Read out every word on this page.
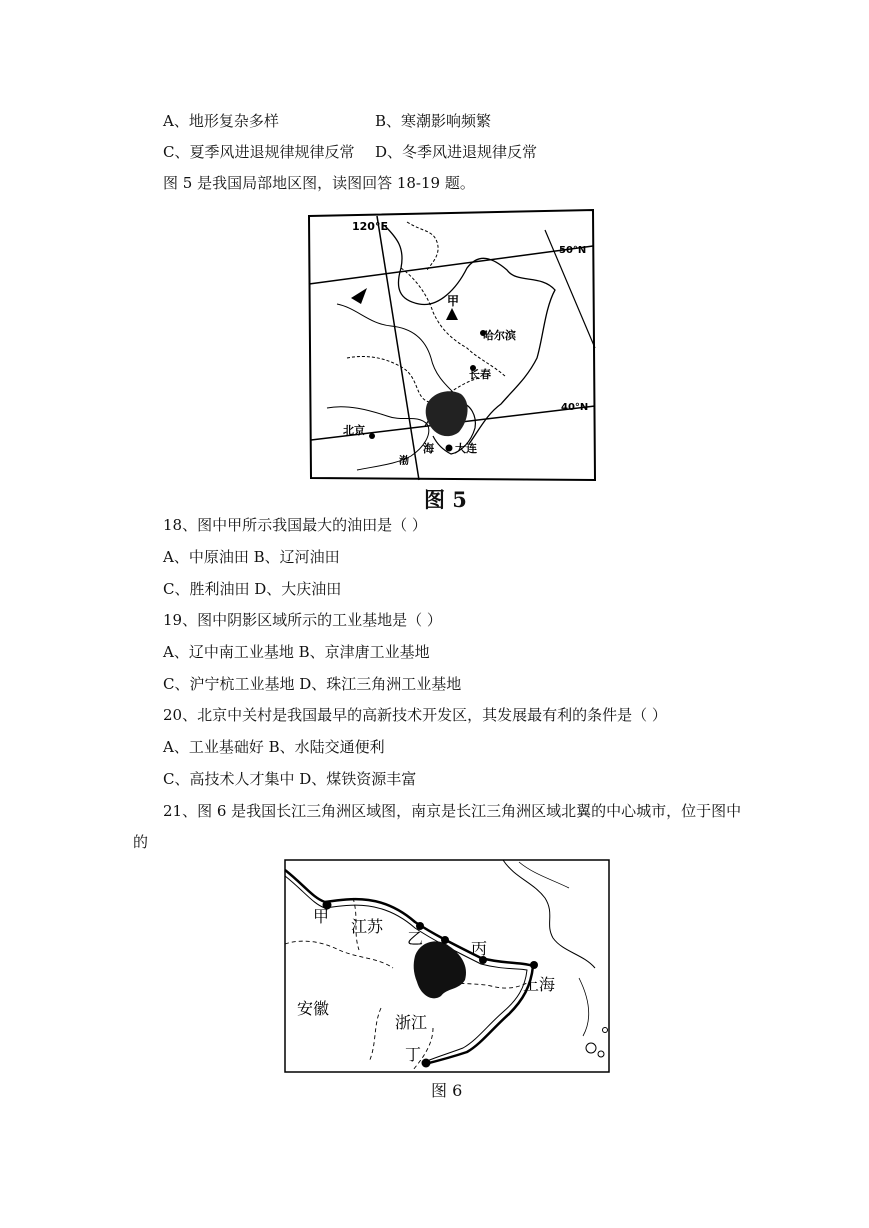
A、地形复杂多样	B、寒潮影响频繁
C、夏季风进退规律规律反常 D、冬季风进退规律反常
图 5 是我国局部地区图，读图回答 18-19 题。
120°E
50°N
40°N
甲
哈尔滨
长春
北京
海 大连
渤
图 5
18、图中甲所示我国最大的油田是（ ）
A、中原油田 B、辽河油田
C、胜利油田 D、大庆油田
19、图中阴影区域所示的工业基地是（ ）
A、辽中南工业基地 B、京津唐工业基地
C、沪宁杭工业基地 D、珠江三角洲工业基地
20、北京中关村是我国最早的高新技术开发区，其发展最有利的条件是（ ）
A、工业基础好 B、水陆交通便利
C、高技术人才集中 D、煤铁资源丰富
21、图 6 是我国长江三角洲区域图，南京是长江三角洲区域北翼的中心城市，位于图中
的
甲
江苏
乙
丙
上海
安徽
浙江
丁
图 6
